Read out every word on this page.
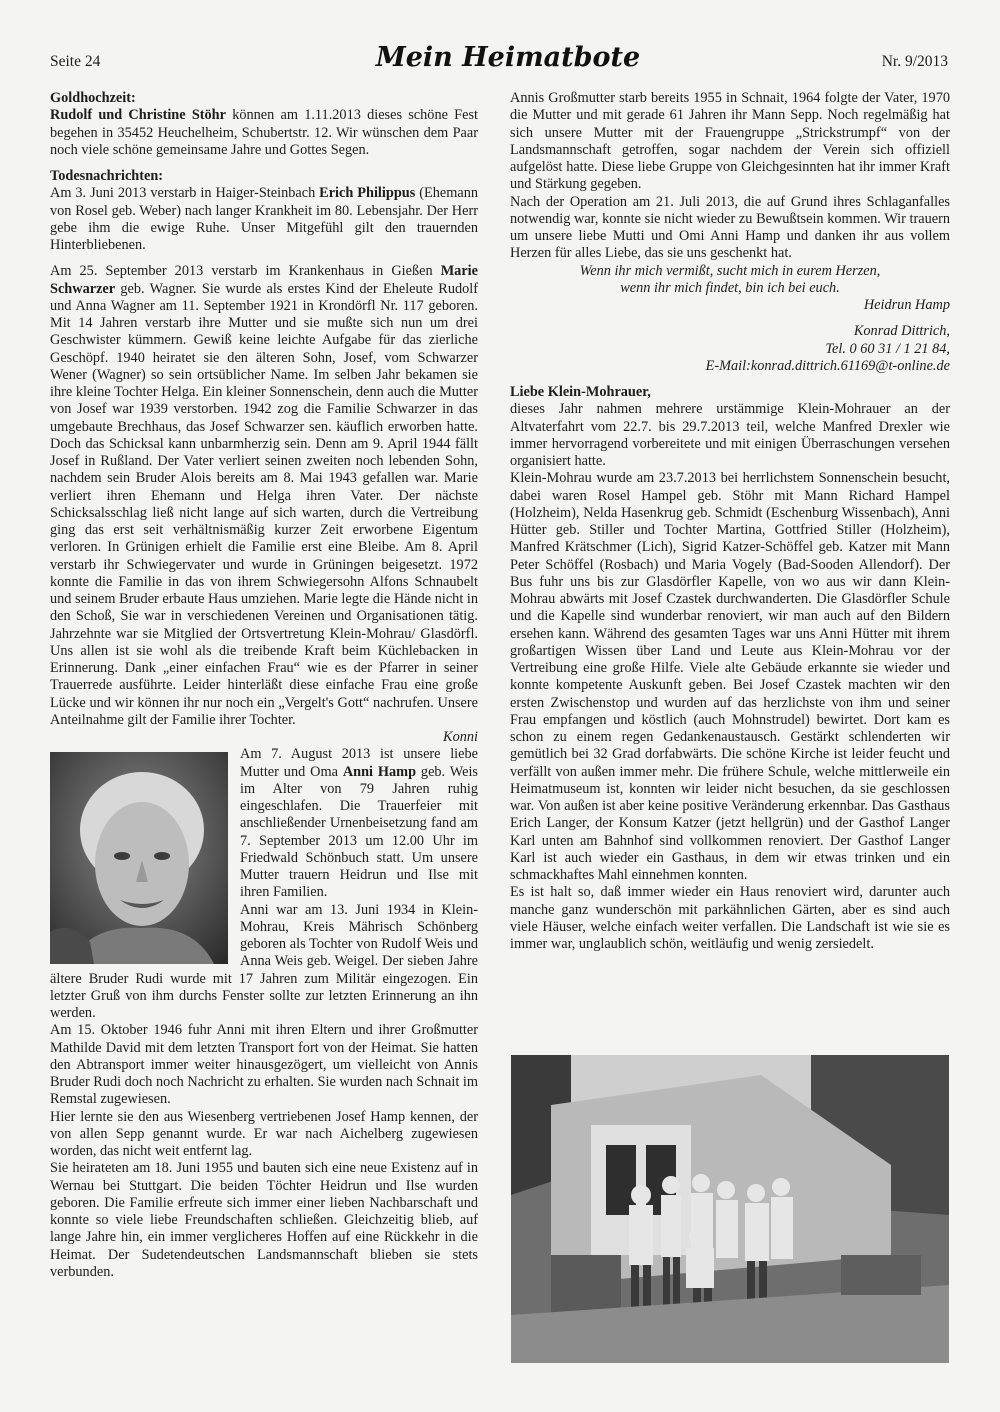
Seite 24	Mein Heimatbote	Nr. 9/2013

Goldhochzeit:

Rudolf und Christine Stöhr können am 1.11.2013 dieses schöne Fest begehen in 35452 Heuchelheim, Schubertstr. 12. Wir wünschen dem Paar noch viele schöne gemeinsame Jahre und Gottes Segen.

Todesnachrichten:

Am 3. Juni 2013 verstarb in Haiger-Steinbach Erich Philippus (Ehemann von Rosel geb. Weber) nach langer Krankheit im 80. Lebensjahr. Der Herr gebe ihm die ewige Ruhe. Unser Mitgefühl gilt den trauernden Hinterbliebenen.

Am 25. September 2013 verstarb im Krankenhaus in Gießen Marie Schwarzer geb. Wagner. Sie wurde als erstes Kind der Eheleute Rudolf und Anna Wagner am 11. September 1921 in Krondörfl Nr. 117 geboren. Mit 14 Jahren verstarb ihre Mutter und sie mußte sich nun um drei Geschwister kümmern. Gewiß keine leichte Aufgabe für das zierliche Geschöpf. 1940 heiratet sie den älteren Sohn, Josef, vom Schwarzer Wener (Wagner) so sein ortsüblicher Name. Im selben Jahr bekamen sie ihre kleine Tochter Helga. Ein kleiner Sonnenschein, denn auch die Mutter von Josef war 1939 verstorben. 1942 zog die Familie Schwarzer in das umgebaute Brechhaus, das Josef Schwarzer sen. käuflich erworben hatte. Doch das Schicksal kann unbarmherzig sein. Denn am 9. April 1944 fällt Josef in Rußland. Der Vater verliert seinen zweiten noch lebenden Sohn, nachdem sein Bruder Alois bereits am 8. Mai 1943 gefallen war. Marie verliert ihren Ehemann und Helga ihren Vater. Der nächste Schicksalsschlag ließ nicht lange auf sich warten, durch die Vertreibung ging das erst seit verhältnismäßig kurzer Zeit erworbene Eigentum verloren. In Grünigen erhielt die Familie erst eine Bleibe. Am 8. April verstarb ihr Schwiegervater und wurde in Grüningen beigesetzt. 1972 konnte die Familie in das von ihrem Schwiegersohn Alfons Schnaubelt und seinem Bruder erbaute Haus umziehen. Marie legte die Hände nicht in den Schoß, Sie war in verschiedenen Vereinen und Organisationen tätig. Jahrzehnte war sie Mitglied der Ortsvertretung Klein-Mohrau/ Glasdörfl. Uns allen ist sie wohl als die treibende Kraft beim Küchlebacken in Erinnerung. Dank „einer einfachen Frau“ wie es der Pfarrer in seiner Trauerrede ausführte. Leider hinterläßt diese einfache Frau eine große Lücke und wir können ihr nur noch ein „Vergelt's Gott“ nachrufen. Unsere Anteilnahme gilt der Familie ihrer Tochter.

Konni

Am 7. August 2013 ist unsere liebe Mutter und Oma Anni Hamp geb. Weis im Alter von 79 Jahren ruhig eingeschlafen. Die Trauerfeier mit anschließender Urnenbeisetzung fand am 7. September 2013 um 12.00 Uhr im Friedwald Schönbuch statt. Um unsere Mutter trauern Heidrun und Ilse mit ihren Familien.

Anni war am 13. Juni 1934 in Klein-Mohrau, Kreis Mährisch Schönberg geboren als Tochter von Rudolf Weis und Anna Weis geb. Weigel. Der sieben Jahre ältere Bruder Rudi wurde mit 17 Jahren zum Militär eingezogen. Ein letzter Gruß von ihm durchs Fenster sollte zur letzten Erinnerung an ihn werden.

Am 15. Oktober 1946 fuhr Anni mit ihren Eltern und ihrer Großmutter Mathilde David mit dem letzten Transport fort von der Heimat. Sie hatten den Abtransport immer weiter hinausgezögert, um vielleicht von Annis Bruder Rudi doch noch Nachricht zu erhalten. Sie wurden nach Schnait im Remstal zugewiesen.

Hier lernte sie den aus Wiesenberg vertriebenen Josef Hamp kennen, der von allen Sepp genannt wurde. Er war nach Aichelberg zugewiesen worden, das nicht weit entfernt lag.

Sie heirateten am 18. Juni 1955 und bauten sich eine neue Existenz auf in Wernau bei Stuttgart. Die beiden Töchter Heidrun und Ilse wurden geboren. Die Familie erfreute sich immer einer lieben Nachbarschaft und konnte so viele liebe Freundschaften schließen. Gleichzeitig blieb, auf lange Jahre hin, ein immer verglicheres Hoffen auf eine Rückkehr in die Heimat. Der Sudetendeutschen Landsmannschaft blieben sie stets verbunden.

Annis Großmutter starb bereits 1955 in Schnait, 1964 folgte der Vater, 1970 die Mutter und mit gerade 61 Jahren ihr Mann Sepp. Noch regelmäßig hat sich unsere Mutter mit der Frauengruppe „Strickstrumpf“ von der Landsmannschaft getroffen, sogar nachdem der Verein sich offiziell aufgelöst hatte. Diese liebe Gruppe von Gleichgesinnten hat ihr immer Kraft und Stärkung gegeben.

Nach der Operation am 21. Juli 2013, die auf Grund ihres Schlaganfalles notwendig war, konnte sie nicht wieder zu Bewußtsein kommen. Wir trauern um unsere liebe Mutti und Omi Anni Hamp und danken ihr aus vollem Herzen für alles Liebe, das sie uns geschenkt hat.

Wenn ihr mich vermißt, sucht mich in eurem Herzen,

wenn ihr mich findet, bin ich bei euch.

Heidrun Hamp

Konrad Dittrich,

Tel. 0 60 31 / 1 21 84,

E-Mail:konrad.dittrich.61169@t-online.de

Liebe Klein-Mohrauer,

dieses Jahr nahmen mehrere urstämmige Klein-Mohrauer an der Altvaterfahrt vom 22.7. bis 29.7.2013 teil, welche Manfred Drexler wie immer hervorragend vorbereitete und mit einigen Überraschungen versehen organisiert hatte.

Klein-Mohrau wurde am 23.7.2013 bei herrlichstem Sonnenschein besucht, dabei waren Rosel Hampel geb. Stöhr mit Mann Richard Hampel (Holzheim), Nelda Hasenkrug geb. Schmidt (Eschenburg Wissenbach), Anni Hütter geb. Stiller und Tochter Martina, Gottfried Stiller (Holzheim), Manfred Krätschmer (Lich), Sigrid Katzer-Schöffel geb. Katzer mit Mann Peter Schöffel (Rosbach) und Maria Vogely (Bad-Sooden Allendorf). Der Bus fuhr uns bis zur Glasdörfler Kapelle, von wo aus wir dann Klein-Mohrau abwärts mit Josef Czastek durchwanderten. Die Glasdörfler Schule und die Kapelle sind wunderbar renoviert, wir man auch auf den Bildern ersehen kann. Während des gesamten Tages war uns Anni Hütter mit ihrem großartigen Wissen über Land und Leute aus Klein-Mohrau vor der Vertreibung eine große Hilfe. Viele alte Gebäude erkannte sie wieder und konnte kompetente Auskunft geben. Bei Josef Czastek machten wir den ersten Zwischenstop und wurden auf das herzlichste von ihm und seiner Frau empfangen und köstlich (auch Mohnstrudel) bewirtet. Dort kam es schon zu einem regen Gedankenaustausch. Gestärkt schlenderten wir gemütlich bei 32 Grad dorfabwärts. Die schöne Kirche ist leider feucht und verfällt von außen immer mehr. Die frühere Schule, welche mittlerweile ein Heimatmuseum ist, konnten wir leider nicht besuchen, da sie geschlossen war. Von außen ist aber keine positive Veränderung erkennbar. Das Gasthaus Erich Langer, der Konsum Katzer (jetzt hellgrün) und der Gasthof Langer Karl unten am Bahnhof sind vollkommen renoviert. Der Gasthof Langer Karl ist auch wieder ein Gasthaus, in dem wir etwas trinken und ein schmackhaftes Mahl einnehmen konnten.

Es ist halt so, daß immer wieder ein Haus renoviert wird, darunter auch manche ganz wunderschön mit parkähnlichen Gärten, aber es sind auch viele Häuser, welche einfach weiter verfallen. Die Landschaft ist wie sie es immer war, unglaublich schön, weitläufig und wenig zersiedelt.
